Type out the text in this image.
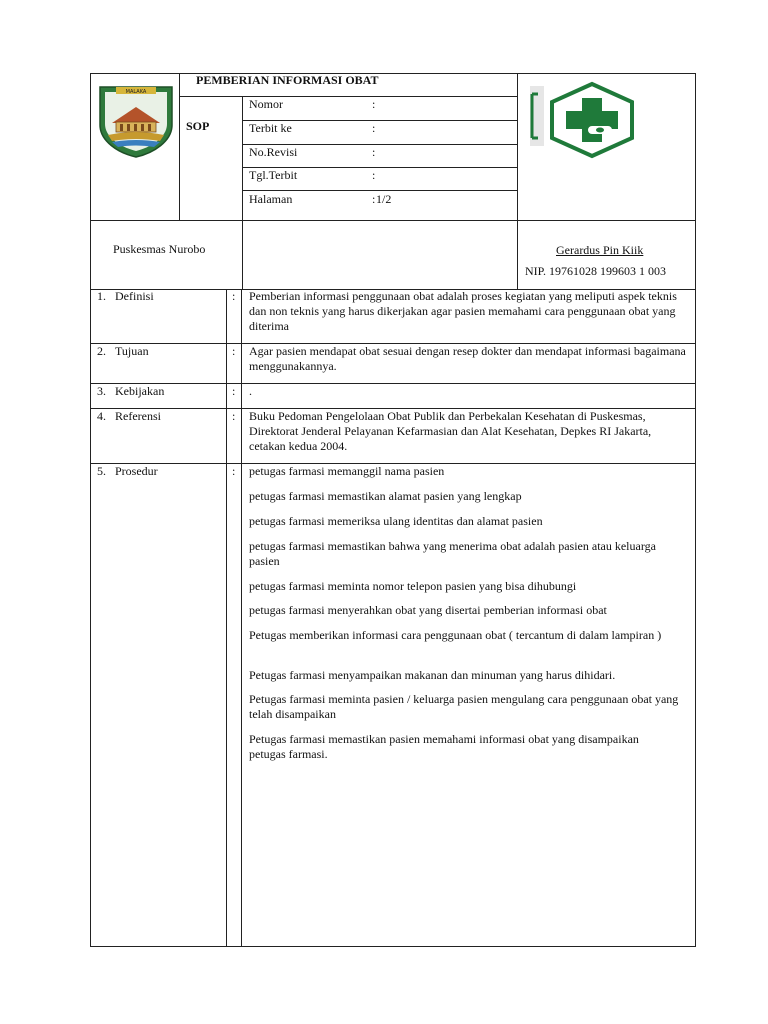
MALAKA
SOP
PEMBERIAN INFORMASI OBAT
Nomor	:
Terbit ke	:
No.Revisi	:
Tgl.Terbit	:
Halaman	: 1/2
Puskesmas Nurobo	Gerardus Pin Kiik
NIP. 19761028 199603 1 003
1. Definisi	: Pemberian informasi penggunaan obat adalah proses kegiatan yang meliputi aspek teknis dan non teknis yang harus dikerjakan agar pasien memahami cara penggunaan obat yang diterima
2. Tujuan	: Agar pasien mendapat obat sesuai dengan resep dokter dan mendapat informasi bagaimana menggunakannya.
3. Kebijakan	: .
4. Referensi	: Buku Pedoman Pengelolaan Obat Publik dan Perbekalan Kesehatan di Puskesmas, Direktorat Jenderal Pelayanan Kefarmasian dan Alat Kesehatan, Depkes RI Jakarta, cetakan kedua 2004.
5. Prosedur	: petugas farmasi memanggil nama pasien
petugas farmasi memastikan alamat pasien yang lengkap
petugas farmasi memeriksa ulang identitas dan alamat pasien
petugas farmasi memastikan bahwa yang menerima obat adalah pasien atau keluarga pasien
petugas farmasi meminta nomor telepon pasien yang bisa dihubungi
petugas farmasi menyerahkan obat yang disertai pemberian informasi obat
Petugas memberikan informasi cara penggunaan obat ( tercantum di dalam lampiran )
Petugas farmasi menyampaikan makanan dan minuman yang harus dihidari.
Petugas farmasi meminta pasien / keluarga pasien mengulang cara penggunaan obat yang telah disampaikan
Petugas farmasi memastikan pasien memahami informasi obat yang disampaikan petugas farmasi.
